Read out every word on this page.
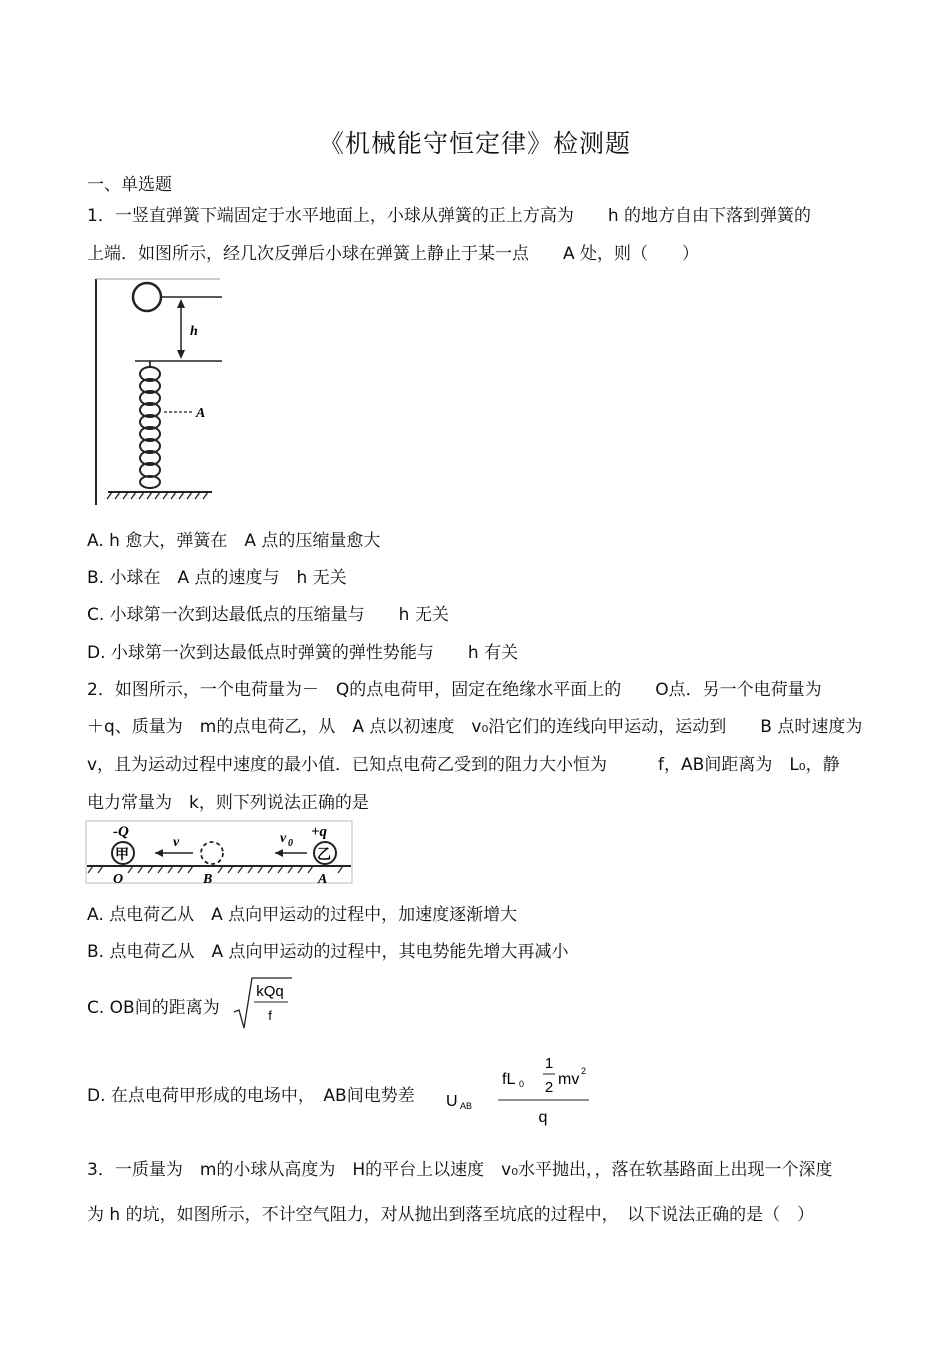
《机械能守恒定律》检测题
一、单选题
1．一竖直弹簧下端固定于水平地面上，小球从弹簧的正上方高为　　h 的地方自由下落到弹簧的
上端．如图所示，经几次反弹后小球在弹簧上静止于某一点　　A 处，则（　　）
h
A
A. h 愈大，弹簧在　A 点的压缩量愈大
B. 小球在　A 点的速度与　h 无关
C. 小球第一次到达最低点的压缩量与　　h 无关
D. 小球第一次到达最低点时弹簧的弹性势能与　　h 有关
2．如图所示，一个电荷量为－　Q的点电荷甲，固定在绝缘水平面上的　　O点．另一个电荷量为
＋q、质量为　m的点电荷乙，从　A 点以初速度　v₀沿它们的连线向甲运动，运动到　　B 点时速度为
v，且为运动过程中速度的最小值．已知点电荷乙受到的阻力大小恒为　　　f，AB间距离为　L₀，静
电力常量为　k，则下列说法正确的是
-Q	+q
v	v 0
甲	乙
O	B	A
A. 点电荷乙从　A 点向甲运动的过程中，加速度逐渐增大
B. 点电荷乙从　A 点向甲运动的过程中，其电势能先增大再减小
C. OB间的距离为
kQq
f
D. 在点电荷甲形成的电场中，　AB间电势差 U AB
fL 0
1
2 mv 2
q
3．一质量为　m的小球从高度为　H的平台上以速度　v₀水平抛出，，落在软基路面上出现一个深度
为 h 的坑，如图所示，不计空气阻力，对从抛出到落至坑底的过程中，　以下说法正确的是（　）
